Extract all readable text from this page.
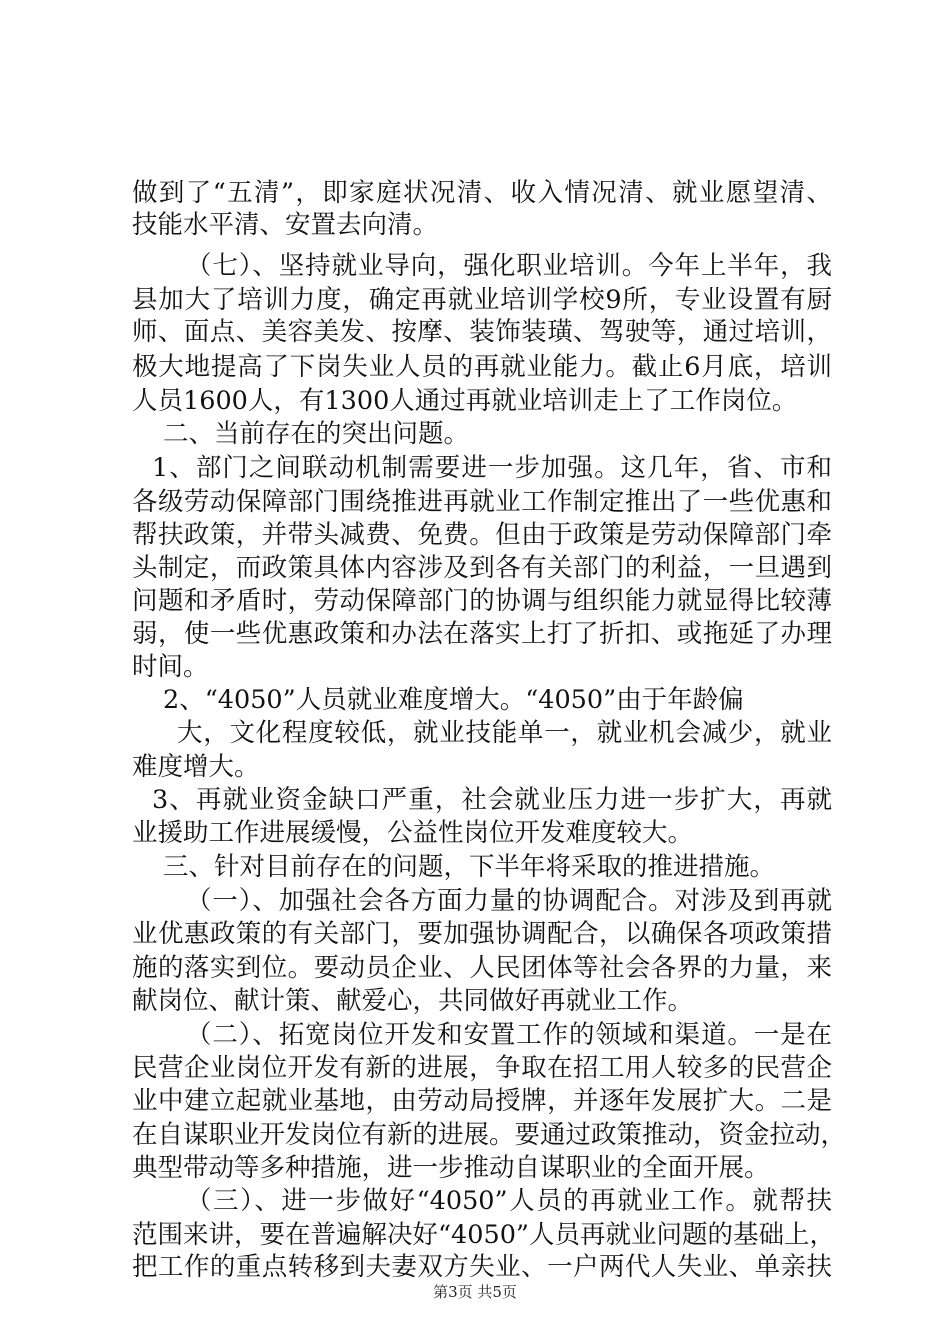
做到了“五清”，即家庭状况清、收入情况清、就业愿望清、
技能水平清、安置去向清。
（七）、坚持就业导向，强化职业培训。今年上半年，我
县加大了培训力度，确定再就业培训学校9所，专业设置有厨
师、面点、美容美发、按摩、装饰装璜、驾驶等，通过培训，
极大地提高了下岗失业人员的再就业能力。截止6月底，培训
人员1600人，有1300人通过再就业培训走上了工作岗位。
二、当前存在的突出问题。
1、部门之间联动机制需要进一步加强。这几年，省、市和
各级劳动保障部门围绕推进再就业工作制定推出了一些优惠和
帮扶政策，并带头减费、免费。但由于政策是劳动保障部门牵
头制定，而政策具体内容涉及到各有关部门的利益，一旦遇到
问题和矛盾时，劳动保障部门的协调与组织能力就显得比较薄
弱，使一些优惠政策和办法在落实上打了折扣、或拖延了办理
时间。
2、“4050”人员就业难度增大。“4050”由于年龄偏
大，文化程度较低，就业技能单一，就业机会减少，就业
难度增大。
3、再就业资金缺口严重，社会就业压力进一步扩大，再就
业援助工作进展缓慢，公益性岗位开发难度较大。
三、针对目前存在的问题，下半年将采取的推进措施。
（一）、加强社会各方面力量的协调配合。对涉及到再就
业优惠政策的有关部门，要加强协调配合，以确保各项政策措
施的落实到位。要动员企业、人民团体等社会各界的力量，来
献岗位、献计策、献爱心，共同做好再就业工作。
（二）、拓宽岗位开发和安置工作的领域和渠道。一是在
民营企业岗位开发有新的进展，争取在招工用人较多的民营企
业中建立起就业基地，由劳动局授牌，并逐年发展扩大。二是
在自谋职业开发岗位有新的进展。要通过政策推动，资金拉动，
典型带动等多种措施，进一步推动自谋职业的全面开展。
（三）、进一步做好“4050”人员的再就业工作。就帮扶
范围来讲，要在普遍解决好“4050”人员再就业问题的基础上，
把工作的重点转移到夫妻双方失业、一户两代人失业、单亲扶
第3页 共5页
